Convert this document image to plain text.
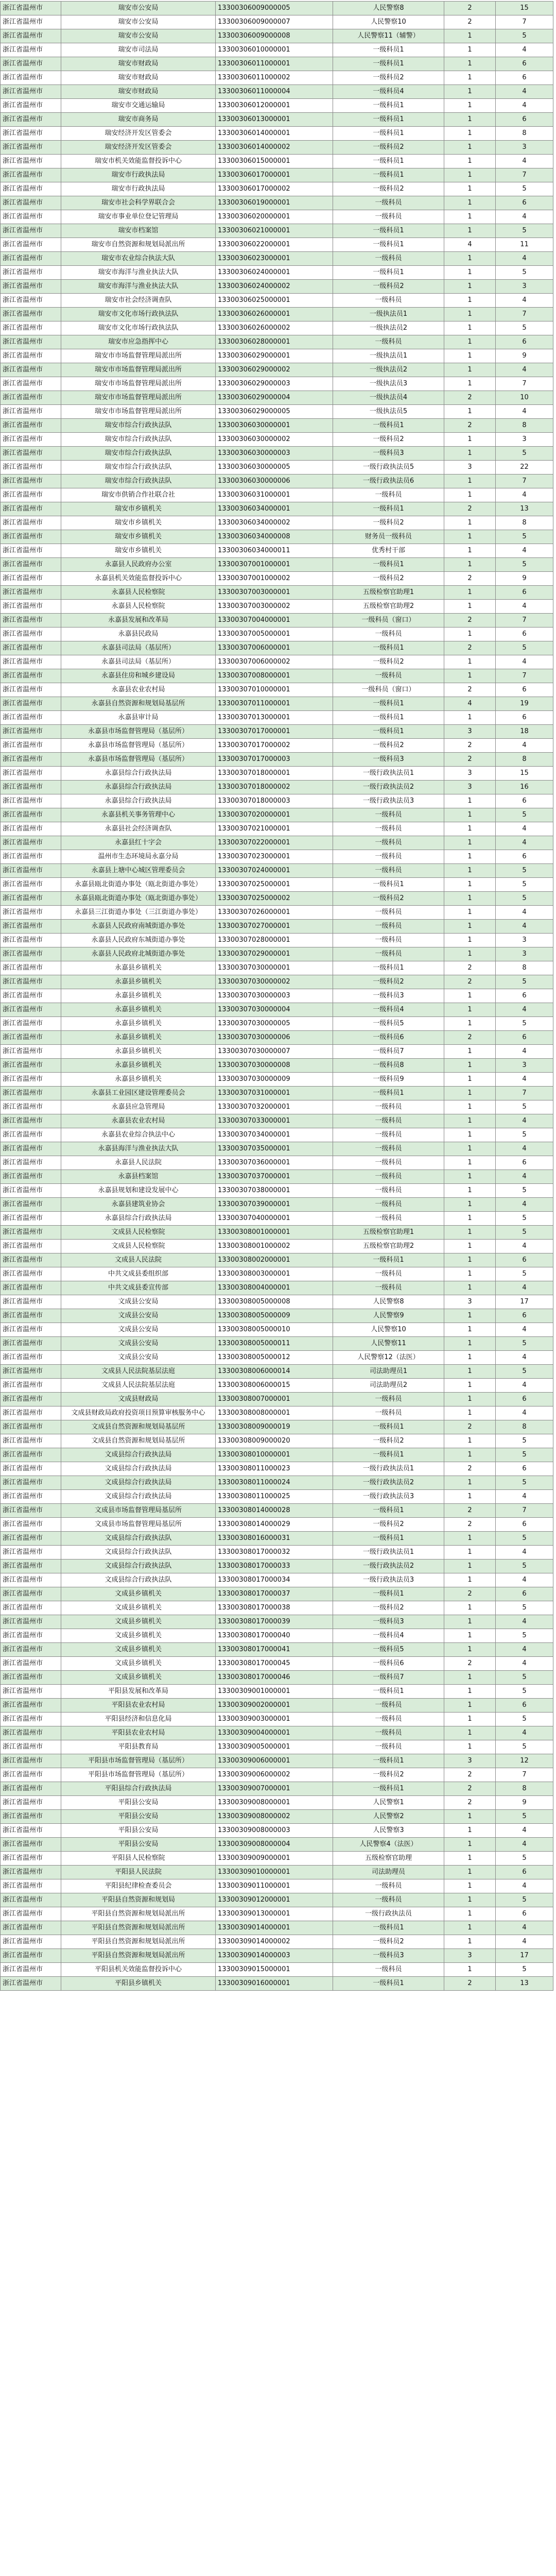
浙江省温州市	瑞安市公安局	13300306009000005	人民警察8	2	15
浙江省温州市	瑞安市公安局	13300306009000007	人民警察10	2	7
浙江省温州市	瑞安市公安局	13300306009000008	人民警察11（辅警）	1	5
浙江省温州市	瑞安市司法局	13300306010000001	一级科员1	1	4
浙江省温州市	瑞安市财政局	13300306011000001	一级科员1	1	6
浙江省温州市	瑞安市财政局	13300306011000002	一级科员2	1	6
浙江省温州市	瑞安市财政局	13300306011000004	一级科员4	1	4
浙江省温州市	瑞安市交通运输局	13300306012000001	一级科员1	1	4
浙江省温州市	瑞安市商务局	13300306013000001	一级科员1	1	6
浙江省温州市	瑞安经济开发区管委会	13300306014000001	一级科员1	1	8
浙江省温州市	瑞安经济开发区管委会	13300306014000002	一级科员2	1	3
浙江省温州市	瑞安市机关效能监督投诉中心	13300306015000001	一级科员1	1	4
浙江省温州市	瑞安市行政执法局	13300306017000001	一级科员1	1	7
浙江省温州市	瑞安市行政执法局	13300306017000002	一级科员2	1	5
浙江省温州市	瑞安市社会科学界联合会	13300306019000001	一级科员	1	6
浙江省温州市	瑞安市事业单位登记管理局	13300306020000001	一级科员	1	4
浙江省温州市	瑞安市档案馆	13300306021000001	一级科员1	1	5
浙江省温州市	瑞安市自然资源和规划局派出所	13300306022000001	一级科员1	4	11
浙江省温州市	瑞安市农业综合执法大队	13300306023000001	一级科员	1	4
浙江省温州市	瑞安市海洋与渔业执法大队	13300306024000001	一级科员1	1	5
浙江省温州市	瑞安市海洋与渔业执法大队	13300306024000002	一级科员2	1	3
浙江省温州市	瑞安市社会经济调查队	13300306025000001	一级科员	1	4
浙江省温州市	瑞安市文化市场行政执法队	13300306026000001	一级执法员1	1	7
浙江省温州市	瑞安市文化市场行政执法队	13300306026000002	一级执法员2	1	5
浙江省温州市	瑞安市应急指挥中心	13300306028000001	一级科员	1	6
浙江省温州市	瑞安市市场监督管理局派出所	13300306029000001	一级执法员1	1	9
浙江省温州市	瑞安市市场监督管理局派出所	13300306029000002	一级执法员2	1	4
浙江省温州市	瑞安市市场监督管理局派出所	13300306029000003	一级执法员3	1	7
浙江省温州市	瑞安市市场监督管理局派出所	13300306029000004	一级执法员4	2	10
浙江省温州市	瑞安市市场监督管理局派出所	13300306029000005	一级执法员5	1	4
浙江省温州市	瑞安市综合行政执法队	13300306030000001	一级科员1	2	8
浙江省温州市	瑞安市综合行政执法队	13300306030000002	一级科员2	1	3
浙江省温州市	瑞安市综合行政执法队	13300306030000003	一级科员3	1	5
浙江省温州市	瑞安市综合行政执法队	13300306030000005	一级行政执法员5	3	22
浙江省温州市	瑞安市综合行政执法队	13300306030000006	一级行政执法员6	1	7
浙江省温州市	瑞安市供销合作社联合社	13300306031000001	一级科员	1	4
浙江省温州市	瑞安市乡镇机关	13300306034000001	一级科员1	2	13
浙江省温州市	瑞安市乡镇机关	13300306034000002	一级科员2	1	8
浙江省温州市	瑞安市乡镇机关	13300306034000008	财务员一级科员	1	5
浙江省温州市	瑞安市乡镇机关	13300306034000011	优秀村干部	1	4
浙江省温州市	永嘉县人民政府办公室	13300307001000001	一级科员1	1	5
浙江省温州市	永嘉县机关效能监督投诉中心	13300307001000002	一级科员2	2	9
浙江省温州市	永嘉县人民检察院	13300307003000001	五级检察官助理1	1	6
浙江省温州市	永嘉县人民检察院	13300307003000002	五级检察官助理2	1	4
浙江省温州市	永嘉县发展和改革局	13300307004000001	一级科员（窗口）	2	7
浙江省温州市	永嘉县民政局	13300307005000001	一级科员	1	6
浙江省温州市	永嘉县司法局（基层所）	13300307006000001	一级科员1	2	5
浙江省温州市	永嘉县司法局（基层所）	13300307006000002	一级科员2	1	4
浙江省温州市	永嘉县住房和城乡建设局	13300307008000001	一级科员	1	7
浙江省温州市	永嘉县农业农村局	13300307010000001	一级科员（窗口）	2	6
浙江省温州市	永嘉县自然资源和规划局基层所	13300307011000001	一级科员1	4	19
浙江省温州市	永嘉县审计局	13300307013000001	一级科员1	1	6
浙江省温州市	永嘉县市场监督管理局（基层所）	13300307017000001	一级科员1	3	18
浙江省温州市	永嘉县市场监督管理局（基层所）	13300307017000002	一级科员2	2	4
浙江省温州市	永嘉县市场监督管理局（基层所）	13300307017000003	一级科员3	2	8
浙江省温州市	永嘉县综合行政执法局	13300307018000001	一级行政执法员1	3	15
浙江省温州市	永嘉县综合行政执法局	13300307018000002	一级行政执法员2	3	16
浙江省温州市	永嘉县综合行政执法局	13300307018000003	一级行政执法员3	1	6
浙江省温州市	永嘉县机关事务管理中心	13300307020000001	一级科员	1	5
浙江省温州市	永嘉县社会经济调查队	13300307021000001	一级科员	1	4
浙江省温州市	永嘉县红十字会	13300307022000001	一级科员	1	4
浙江省温州市	温州市生态环境局永嘉分局	13300307023000001	一级科员	1	6
浙江省温州市	永嘉县上塘中心城区管理委员会	13300307024000001	一级科员	1	5
浙江省温州市	永嘉县瓯北街道办事处（瓯北街道办事处）	13300307025000001	一级科员1	1	5
浙江省温州市	永嘉县瓯北街道办事处（瓯北街道办事处）	13300307025000002	一级科员2	1	5
浙江省温州市	永嘉县三江街道办事处（三江街道办事处）	13300307026000001	一级科员	1	4
浙江省温州市	永嘉县人民政府南城街道办事处	13300307027000001	一级科员	1	4
浙江省温州市	永嘉县人民政府东城街道办事处	13300307028000001	一级科员	1	3
浙江省温州市	永嘉县人民政府北城街道办事处	13300307029000001	一级科员	1	3
浙江省温州市	永嘉县乡镇机关	13300307030000001	一级科员1	2	8
浙江省温州市	永嘉县乡镇机关	13300307030000002	一级科员2	2	5
浙江省温州市	永嘉县乡镇机关	13300307030000003	一级科员3	1	6
浙江省温州市	永嘉县乡镇机关	13300307030000004	一级科员4	1	4
浙江省温州市	永嘉县乡镇机关	13300307030000005	一级科员5	1	5
浙江省温州市	永嘉县乡镇机关	13300307030000006	一级科员6	2	6
浙江省温州市	永嘉县乡镇机关	13300307030000007	一级科员7	1	4
浙江省温州市	永嘉县乡镇机关	13300307030000008	一级科员8	1	3
浙江省温州市	永嘉县乡镇机关	13300307030000009	一级科员9	1	4
浙江省温州市	永嘉县工业园区建设管理委员会	13300307031000001	一级科员1	1	7
浙江省温州市	永嘉县应急管理局	13300307032000001	一级科员	1	5
浙江省温州市	永嘉县农业农村局	13300307033000001	一级科员	1	4
浙江省温州市	永嘉县农业综合执法中心	13300307034000001	一级科员	1	5
浙江省温州市	永嘉县海洋与渔业执法大队	13300307035000001	一级科员	1	4
浙江省温州市	永嘉县人民法院	13300307036000001	一级科员	1	6
浙江省温州市	永嘉县档案馆	13300307037000001	一级科员	1	4
浙江省温州市	永嘉县规划和建设发展中心	13300307038000001	一级科员	1	5
浙江省温州市	永嘉县建筑业协会	13300307039000001	一级科员	1	4
浙江省温州市	永嘉县综合行政执法局	13300307040000001	一级科员	1	5
浙江省温州市	文成县人民检察院	13300308001000001	五级检察官助理1	1	5
浙江省温州市	文成县人民检察院	13300308001000002	五级检察官助理2	1	4
浙江省温州市	文成县人民法院	13300308002000001	一级科员1	1	6
浙江省温州市	中共文成县委组织部	13300308003000001	一级科员	1	5
浙江省温州市	中共文成县委宣传部	13300308004000001	一级科员	1	4
浙江省温州市	文成县公安局	13300308005000008	人民警察8	3	17
浙江省温州市	文成县公安局	13300308005000009	人民警察9	1	6
浙江省温州市	文成县公安局	13300308005000010	人民警察10	1	4
浙江省温州市	文成县公安局	13300308005000011	人民警察11	1	5
浙江省温州市	文成县公安局	13300308005000012	人民警察12（法医）	1	4
浙江省温州市	文成县人民法院基层法庭	13300308006000014	司法助理员1	1	5
浙江省温州市	文成县人民法院基层法庭	13300308006000015	司法助理员2	1	4
浙江省温州市	文成县财政局	13300308007000001	一级科员	1	6
浙江省温州市	文成县财政局政府投资项目预算审核服务中心	13300308008000001	一级科员	1	4
浙江省温州市	文成县自然资源和规划局基层所	13300308009000019	一级科员1	2	8
浙江省温州市	文成县自然资源和规划局基层所	13300308009000020	一级科员2	1	5
浙江省温州市	文成县综合行政执法局	13300308010000001	一级科员1	1	5
浙江省温州市	文成县综合行政执法局	13300308011000023	一级行政执法员1	2	6
浙江省温州市	文成县综合行政执法局	13300308011000024	一级行政执法员2	1	5
浙江省温州市	文成县综合行政执法局	13300308011000025	一级行政执法员3	1	4
浙江省温州市	文成县市场监督管理局基层所	13300308014000028	一级科员1	2	7
浙江省温州市	文成县市场监督管理局基层所	13300308014000029	一级科员2	2	6
浙江省温州市	文成县综合行政执法队	13300308016000031	一级科员1	1	5
浙江省温州市	文成县综合行政执法队	13300308017000032	一级行政执法员1	1	4
浙江省温州市	文成县综合行政执法队	13300308017000033	一级行政执法员2	1	5
浙江省温州市	文成县综合行政执法队	13300308017000034	一级行政执法员3	1	4
浙江省温州市	文成县乡镇机关	13300308017000037	一级科员1	2	6
浙江省温州市	文成县乡镇机关	13300308017000038	一级科员2	1	5
浙江省温州市	文成县乡镇机关	13300308017000039	一级科员3	1	4
浙江省温州市	文成县乡镇机关	13300308017000040	一级科员4	1	5
浙江省温州市	文成县乡镇机关	13300308017000041	一级科员5	1	4
浙江省温州市	文成县乡镇机关	13300308017000045	一级科员6	2	4
浙江省温州市	文成县乡镇机关	13300308017000046	一级科员7	1	5
浙江省温州市	平阳县发展和改革局	13300309001000001	一级科员1	1	5
浙江省温州市	平阳县农业农村局	13300309002000001	一级科员	1	6
浙江省温州市	平阳县经济和信息化局	13300309003000001	一级科员	1	5
浙江省温州市	平阳县农业农村局	13300309004000001	一级科员	1	4
浙江省温州市	平阳县教育局	13300309005000001	一级科员	1	5
浙江省温州市	平阳县市场监督管理局（基层所）	13300309006000001	一级科员1	3	12
浙江省温州市	平阳县市场监督管理局（基层所）	13300309006000002	一级科员2	2	7
浙江省温州市	平阳县综合行政执法局	13300309007000001	一级科员1	2	8
浙江省温州市	平阳县公安局	13300309008000001	人民警察1	2	9
浙江省温州市	平阳县公安局	13300309008000002	人民警察2	1	5
浙江省温州市	平阳县公安局	13300309008000003	人民警察3	1	4
浙江省温州市	平阳县公安局	13300309008000004	人民警察4（法医）	1	4
浙江省温州市	平阳县人民检察院	13300309009000001	五级检察官助理	1	5
浙江省温州市	平阳县人民法院	13300309010000001	司法助理员	1	6
浙江省温州市	平阳县纪律检查委员会	13300309011000001	一级科员	1	4
浙江省温州市	平阳县自然资源和规划局	13300309012000001	一级科员	1	5
浙江省温州市	平阳县自然资源和规划局派出所	13300309013000001	一级行政执法员	1	6
浙江省温州市	平阳县自然资源和规划局派出所	13300309014000001	一级科员1	1	4
浙江省温州市	平阳县自然资源和规划局派出所	13300309014000002	一级科员2	1	4
浙江省温州市	平阳县自然资源和规划局派出所	13300309014000003	一级科员3	3	17
浙江省温州市	平阳县机关效能监督投诉中心	13300309015000001	一级科员	1	5
浙江省温州市	平阳县乡镇机关	13300309016000001	一级科员1	2	13
